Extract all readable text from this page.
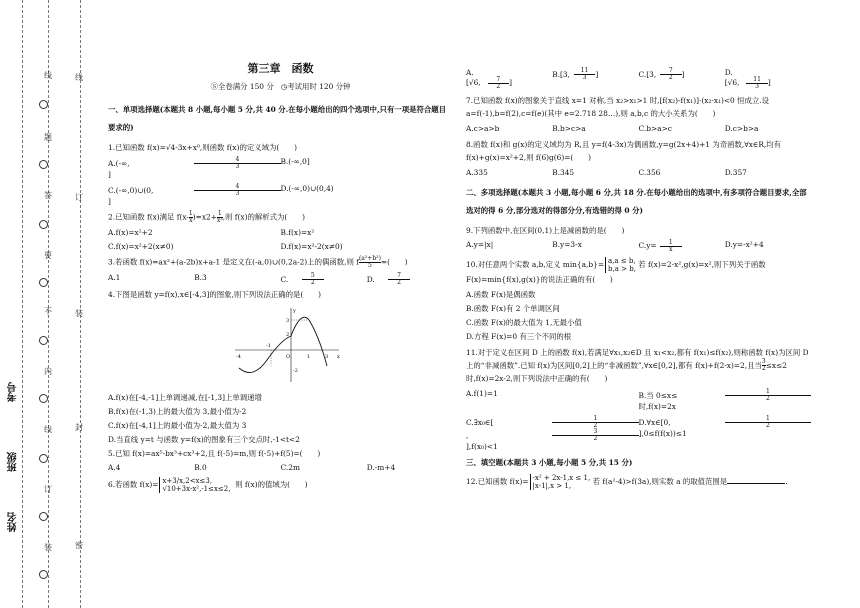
线
订
装
封
密
线
题
答
要
不
内
线
订
装
考号
班级
姓名
第三章　函数
Ⓢ全卷满分 150 分 ◷考试用时 120 分钟
一、单项选择题(本题共 8 小题,每小题 5 分,共 40 分.在每小题给出的四个选项中,只有一项是符合题目要求的)
1.已知函数 f(x)=√4-3x+x⁰,则函数 f(x)的定义域为(　　)
A.(-∞,	$\frac{4}{3}$]
B.(-∞,0]
C.(-∞,0)∪(0,	$\frac{4}{3}$]
D.(-∞,0)∪(0,4)
2.已知函数 f(x)满足 $f(x- \frac{1}{x})=x2+ \frac{1}{\text{x²}}$,则 f(x)的解析式为(　　)
A.f(x)=x²+2	B.f(x)=x²
C.f(x)=x²+2(x≠0)	D.f(x)=x²-2(x≠0)
3.若函数 f(x)=ax²+(a-2b)x+a-1 是定义在(-a,0)∪(0,2a-2)上的偶函数,则 f $\frac{\text{(a²+b²)}}{5}=$(　　)
A.1	B.3	C. $\frac{5}{2}$	D. $\frac{7}{2}$
4.下图是函数 y=f(x),x∈[-4,3]的图象,则下列说法正确的是(　　)
x
y
-4
-1
O	1	3
3
2
-2
A.f(x)在[-4,-1]上单调递减,在[-1,3]上单调递增
B.f(x)在(-1,3)上的最大值为 3,最小值为-2
C.f(x)在[-4,1]上的最小值为-2,最大值为 3
D.当直线 y=t 与函数 y=f(x)的图象有三个交点时,-1<t<2
5.已知 f(x)=ax⁵-bx³+cx³+2,且 f(-5)=m,则 f(-5)+f(5)=(　　)
A.4	B.0	C.2m	D.-m+4
6.若函数 f(x)= x+3/x,2<x≤3,
√10+3x-x²,-1≤x≤2, 则 f(x)的值域为(　　)
A.[√6, $\frac{7}{2}$]
B.[3, $\frac{11}{3}$]	C.[3, $\frac{7}{2}$]	D.[√6, $\frac{11}{3}$]
7.已知函数 f(x)的图象关于直线 x=1 对称,当 x₂>x₁>1 时,[f(x₂)-f(x₁)]·(x₂-x₁)<0 恒成立.设 a=f(-1),b=f(2),c=f(e)(其中 e=2.718 28…),则 a,b,c 的大小关系为(　　)
A.c>a>b	B.b>c>a	C.b>a>c	D.c>b>a
8.函数 f(x)和 g(x)的定义域均为 R,且 y=f(4-3x)为偶函数,y=g(2x+4)+1 为奇函数,∀x∈R,均有 f(x)+g(x)=x²+2,则 f(6)g(6)=(　　)
A.335	B.345	C.356	D.357
二、多项选择题(本题共 3 小题,每小题 6 分,共 18 分.在每小题给出的选项中,有多项符合题目要求,全部选对的得 6 分,部分选对的得部分分,有选错的得 0 分)
9.下列函数中,在区间(0,1)上是减函数的是(　　)
A.y=|x|	B.y=3-x	$C.y= \frac{1}{x}$	D.y=-x²+4
10.对任意两个实数 a,b,定义 min{a,b}= a,a ≤ b,
b,a > b, 若 f(x)=2-x²,g(x)=x²,则下列关于函数 F(x)=min{f(x),g(x)}的说法正确的有(　　)
A.函数 F(x)是偶函数
B.函数 F(x)有 2 个单调区间
C.函数 F(x)的最大值为 1,无最小值
D.方程 F(x)=0 有三个不同的根
11.对于定义在区间 D 上的函数 f(x),若满足∀x₁,x₂∈D 且 x₁<x₂,都有 f(x₁)≤f(x₂),则称函数 f(x)为区间 D 上的“非减函数”.已知 f(x)为区间[0,2]上的“非减函数”,∀x∈[0,2],都有 f(x)+f(2-x)=2,且当 $\frac{3}{2}\le x\le 2$ 时,f(x)=2x-2,则下列说法中正确的有(　　)
A.f(1)=1	B.当 0≤x≤	$\frac{1}{2}$时,f(x)=2x
C.∃x₀∈[	$\frac{1}{2}$,	$\frac{3}{2}],f(x_0)<1$
D.∀x∈[0,	$\frac{1}{2}],0\le f(f(x))\le 1$
三、填空题(本题共 3 小题,每小题 5 分,共 15 分)
12.已知函数 f(x)= -x² + 2x-1,x ≤ 1,
|x-1|,x > 1,	若 f(a²-4)>f(3a),则实数 a 的取值范围是	.
